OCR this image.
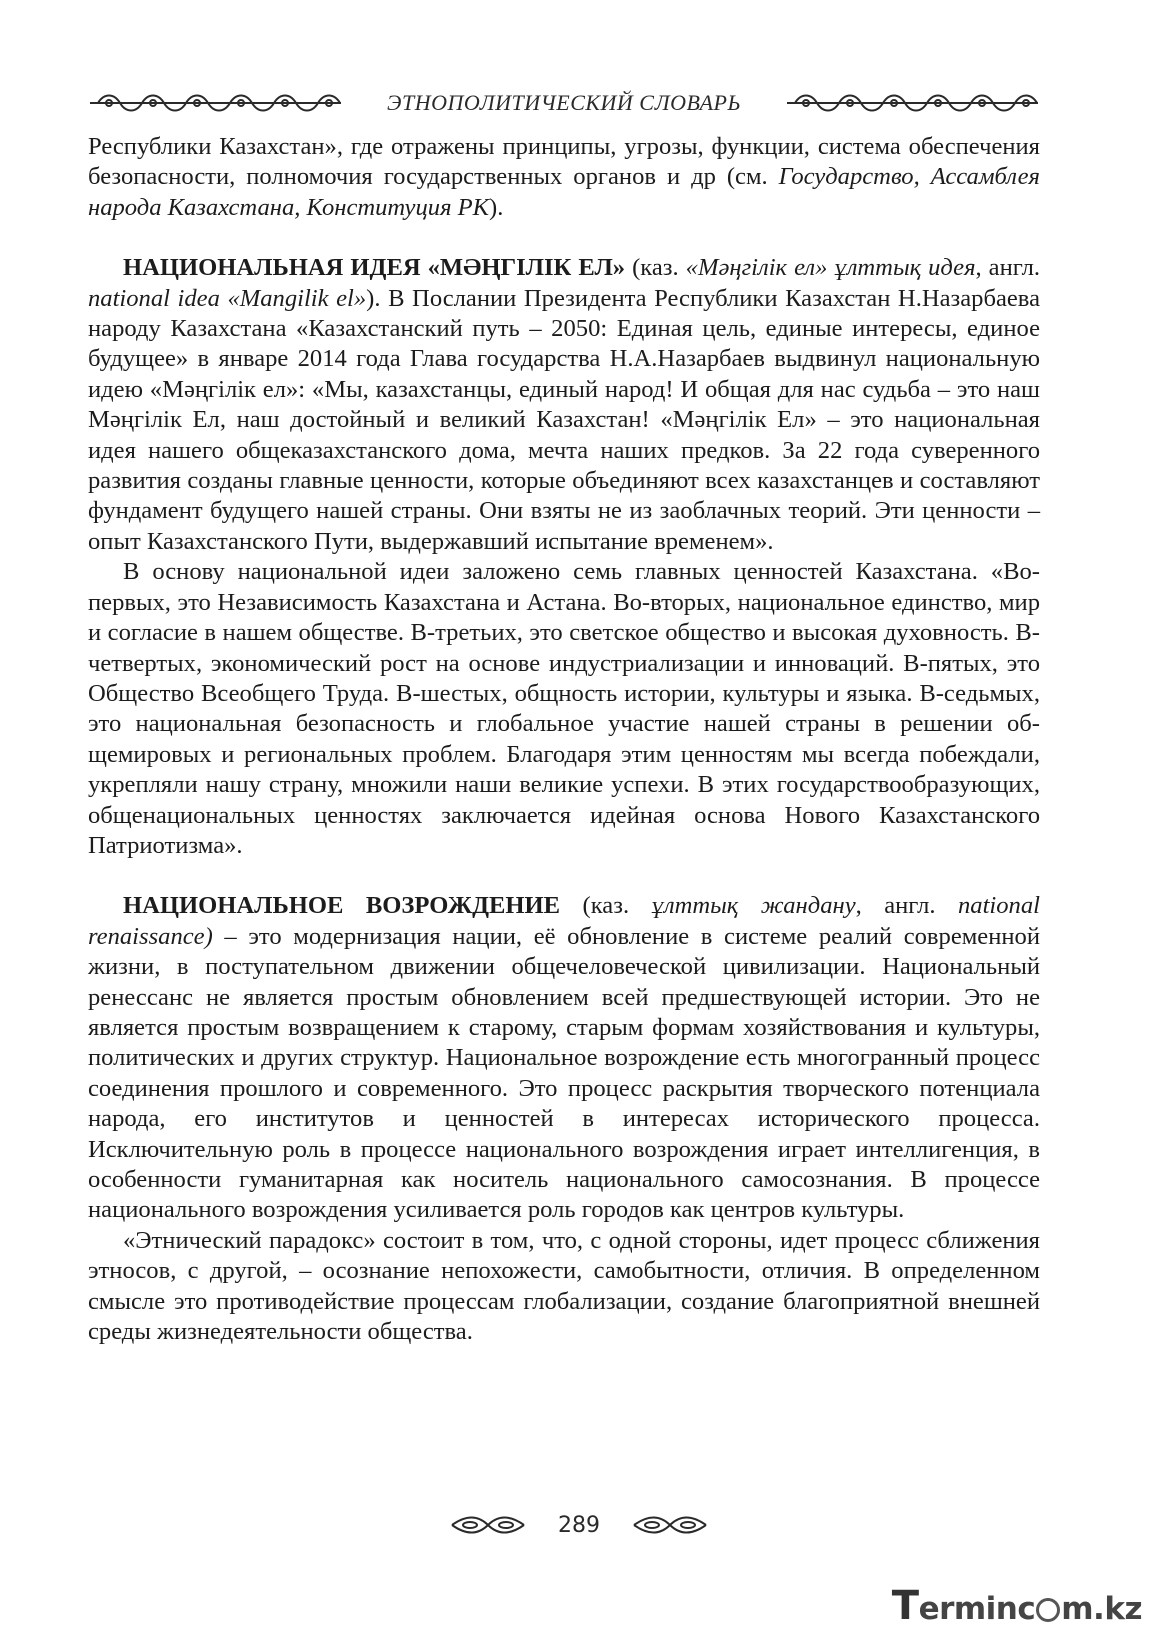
ЭТНОПОЛИТИЧЕСКИЙ СЛОВАРЬ

Республики Казахстан», где отражены принципы, угрозы, функции, система обеспечения безопасности, полномочия государственных органов и др (см. Государство, Ассамблея народа Казахстана, Конституция РК).

НАЦИОНАЛЬНАЯ ИДЕЯ «МӘҢГІЛІК ЕЛ» (каз. «Мәңгілік ел» ұлттық идея, англ. national idea «Mangilik el»). В Послании Президента Республики Казахстан Н.Назарбаева народу Казахстана «Казахстанский путь – 2050: Единая цель, единые интересы, единое будущее» в январе 2014 года Глава государства Н.А.Назарбаев выдвинул национальную идею «Мәңгілік ел»: «Мы, казахстанцы, единый народ! И общая для нас судьба – это наш Мәңгілік Ел, наш достойный и великий Казахстан! «Мәңгілік Ел» – это национальная идея нашего общеказахстанского дома, мечта наших предков. За 22 года суверенного развития созданы главные ценности, которые объединяют всех казахстанцев и составляют фундамент будущего нашей страны. Они взяты не из заоблачных теорий. Эти ценности – опыт Казахстанского Пути, выдержавший испытание временем».

В основу национальной идеи заложено семь главных ценностей Казахстана. «Во-первых, это Независимость Казахстана и Астана. Во-вторых, национальное единство, мир и согласие в нашем обществе. В-третьих, это светское общество и высокая духовность. В-четвертых, экономический рост на основе индустриализации и инноваций. В-пятых, это Общество Всеобщего Труда. В-шестых, общность истории, культуры и языка. В-седьмых, это национальная безопасность и глобальное участие нашей страны в решении общемировых и региональных проблем. Благодаря этим ценностям мы всегда побеждали, укрепляли нашу страну, множили наши великие успехи. В этих государствообразующих, общенациональных ценностях заключается идейная основа Нового Казахстанского Патриотизма».

НАЦИОНАЛЬНОЕ ВОЗРОЖДЕНИЕ (каз. ұлттық жандану, англ. national renaissance) – это модернизация нации, её обновление в системе реалий современной жизни, в поступательном движении общечеловеческой цивилизации. Национальный ренессанс не является простым обновлением всей предшествующей истории. Это не является простым возвращением к старому, старым формам хозяйствования и культуры, политических и других структур. Национальное возрождение есть многогранный процесс соединения прошлого и современного. Это процесс раскрытия творческого потенциала народа, его институтов и ценностей в интересах исторического процесса. Исключительную роль в процессе национального возрождения играет интеллигенция, в особенности гуманитарная как носитель национального самосознания. В процессе национального возрождения усиливается роль городов как центров культуры.

«Этнический парадокс» состоит в том, что, с одной стороны, идет процесс сближения этносов, с другой, – осознание непохожести, самобытности, отличия. В определенном смысле это противодействие процессам глобализации, создание благоприятной внешней среды жизнедеятельности общества.

289
Terminc m.kz
